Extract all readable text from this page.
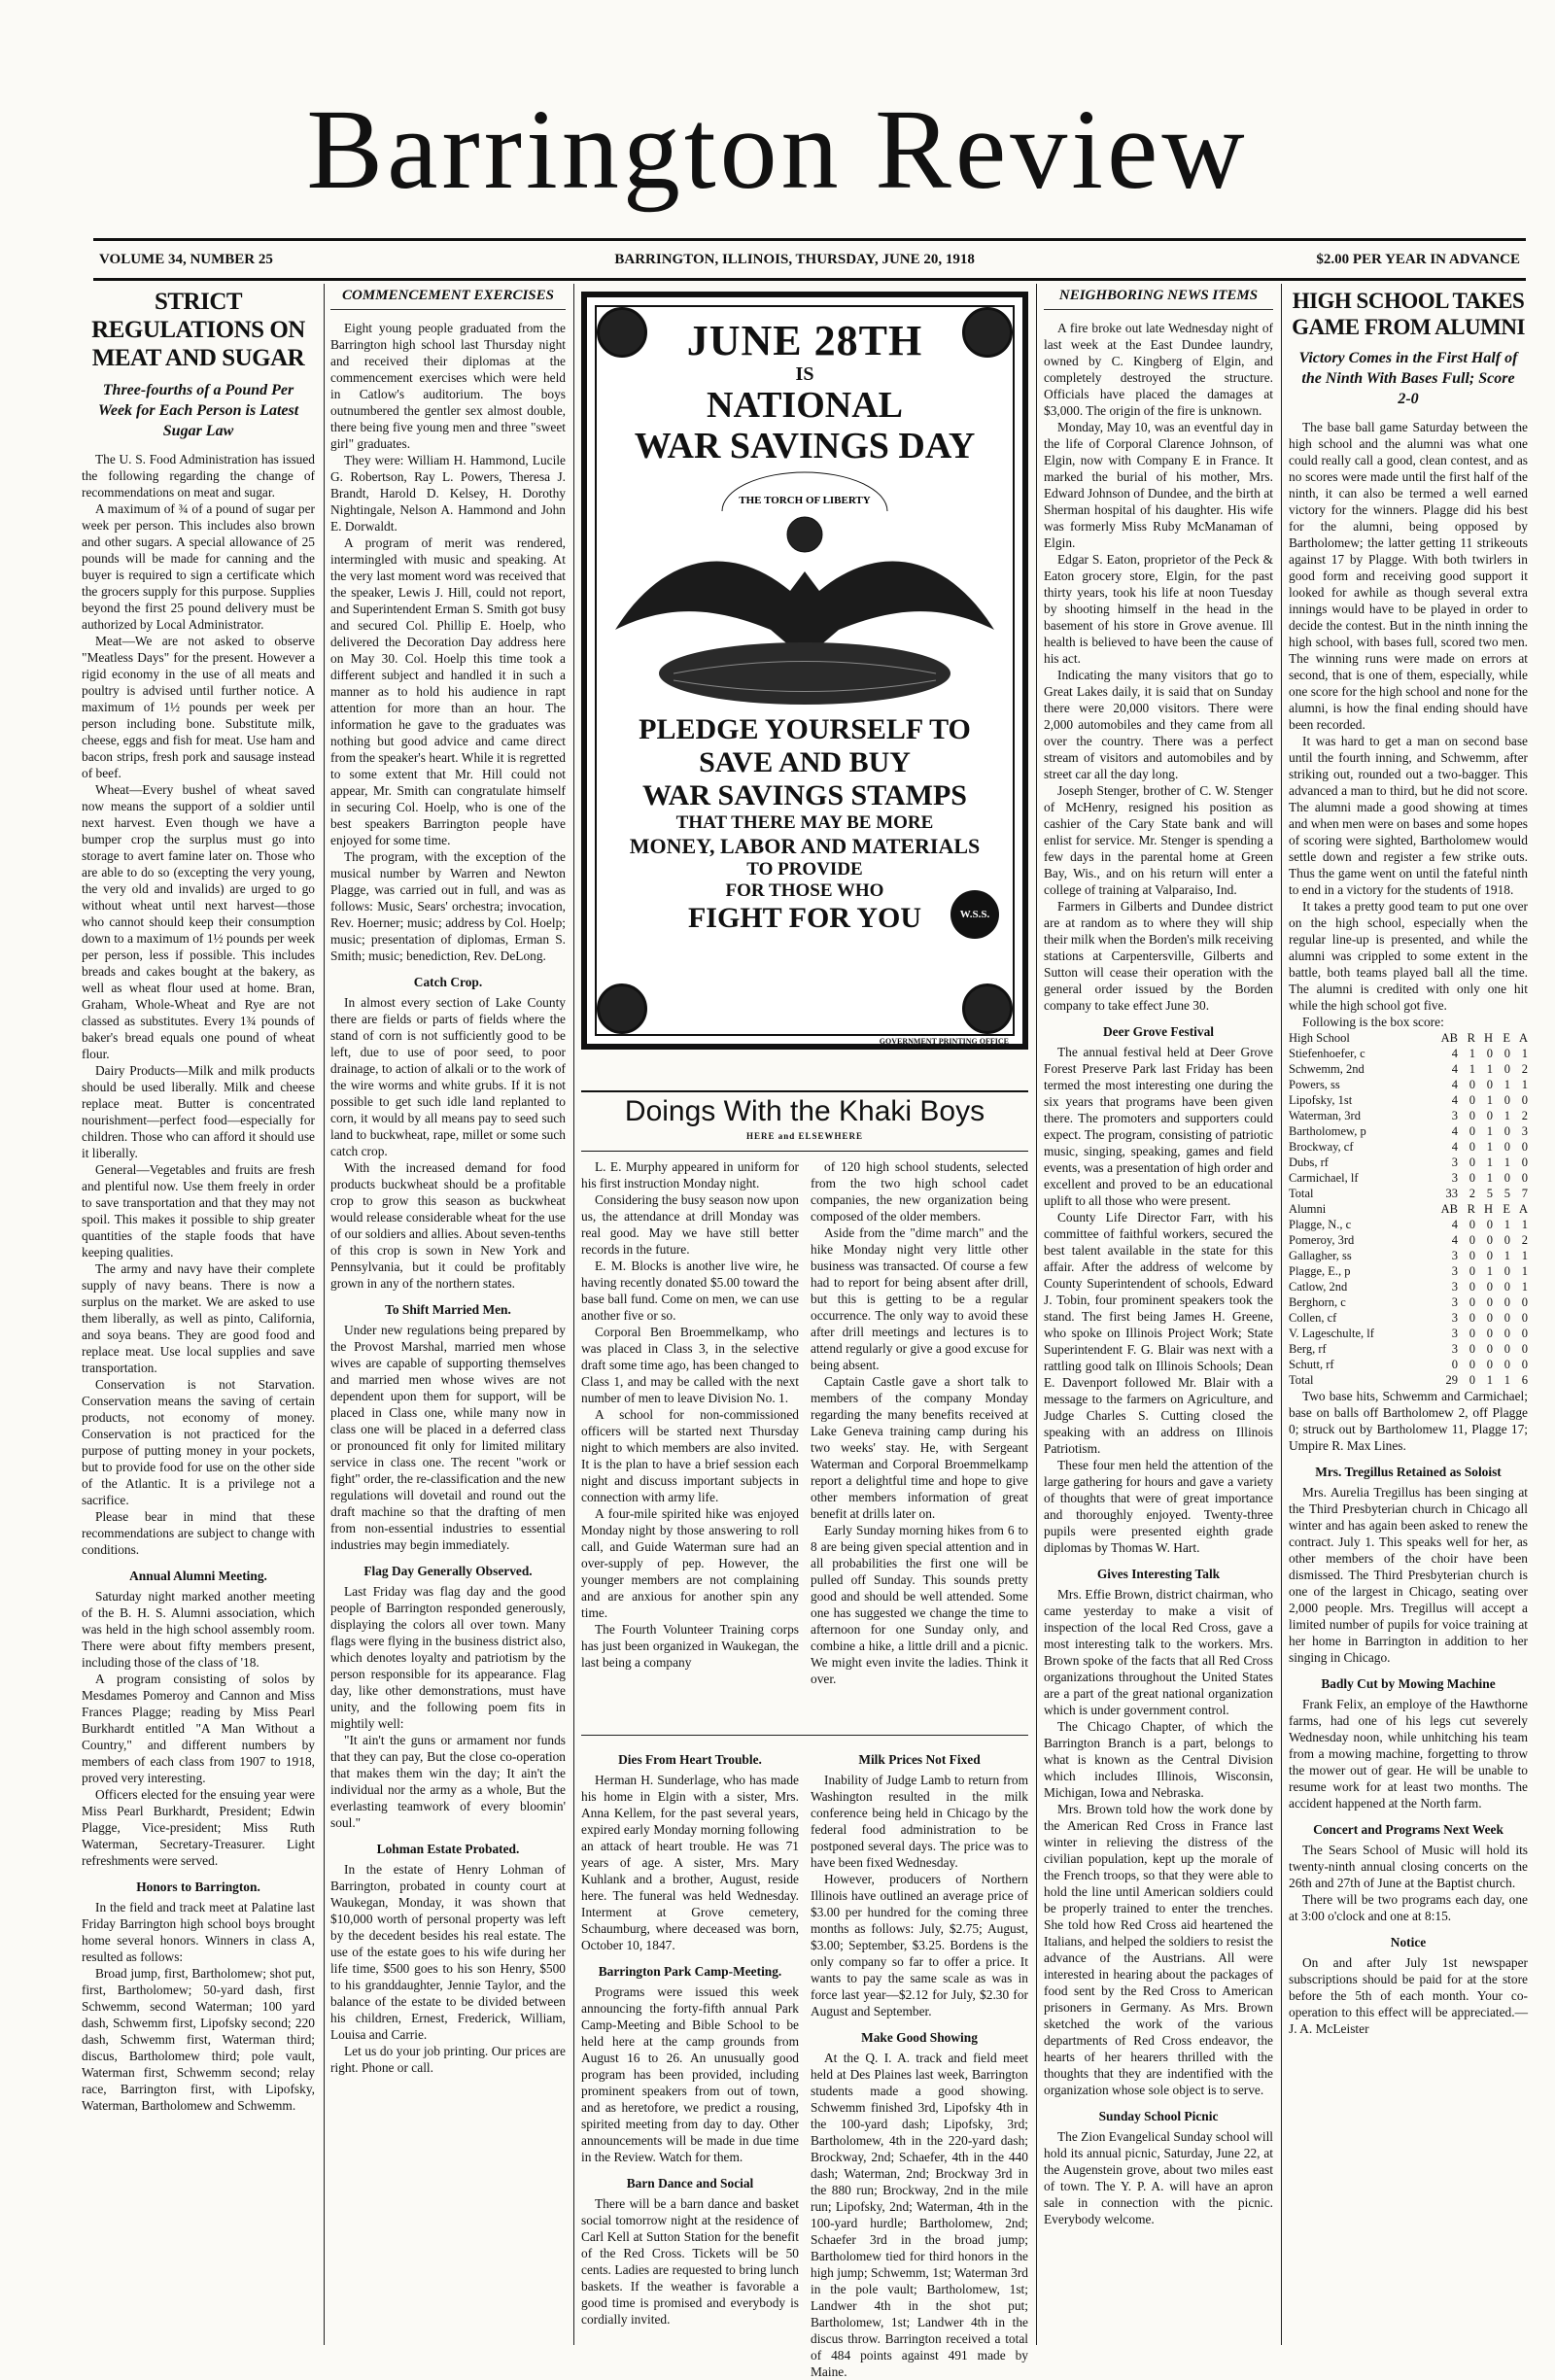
Barrington Review
VOLUME 34, NUMBER 25	BARRINGTON, ILLINOIS, THURSDAY, JUNE 20, 1918	$2.00 PER YEAR IN ADVANCE
STRICT REGULATIONS ON MEAT AND SUGAR
Three-fourths of a Pound Per Week for Each Person is Latest Sugar Law

The U. S. Food Administration has issued the following regarding the change of recommendations on meat and sugar.

A maximum of ¾ of a pound of sugar per week per person. This includes also brown and other sugars. A special allowance of 25 pounds will be made for canning and the buyer is required to sign a certificate which the grocers supply for this purpose. Supplies beyond the first 25 pound delivery must be authorized by Local Administrator.

Meat—We are not asked to observe "Meatless Days" for the present. However a rigid economy in the use of all meats and poultry is advised until further notice. A maximum of 1½ pounds per week per person including bone. Substitute milk, cheese, eggs and fish for meat. Use ham and bacon strips, fresh pork and sausage instead of beef.

Wheat—Every bushel of wheat saved now means the support of a soldier until next harvest. Even though we have a bumper crop the surplus must go into storage to avert famine later on. Those who are able to do so (excepting the very young, the very old and invalids) are urged to go without wheat until next harvest—those who cannot should keep their consumption down to a maximum of 1½ pounds per week per person, less if possible. This includes breads and cakes bought at the bakery, as well as wheat flour used at home. Bran, Graham, Whole-Wheat and Rye are not classed as substitutes. Every 1¾ pounds of baker's bread equals one pound of wheat flour.

Dairy Products—Milk and milk products should be used liberally. Milk and cheese replace meat. Butter is concentrated nourishment—perfect food—especially for children. Those who can afford it should use it liberally.

General—Vegetables and fruits are fresh and plentiful now. Use them freely in order to save transportation and that they may not spoil. This makes it possible to ship greater quantities of the staple foods that have keeping qualities.

The army and navy have their complete supply of navy beans. There is now a surplus on the market. We are asked to use them liberally, as well as pinto, California, and soya beans. They are good food and replace meat. Use local supplies and save transportation.

Conservation is not Starvation. Conservation means the saving of certain products, not economy of money. Conservation is not practiced for the purpose of putting money in your pockets, but to provide food for use on the other side of the Atlantic. It is a privilege not a sacrifice.

Please bear in mind that these recommendations are subject to change with conditions.

Annual Alumni Meeting.

Saturday night marked another meeting of the B. H. S. Alumni association, which was held in the high school assembly room. There were about fifty members present, including those of the class of '18.

A program consisting of solos by Mesdames Pomeroy and Cannon and Miss Frances Plagge; reading by Miss Pearl Burkhardt entitled "A Man Without a Country," and different numbers by members of each class from 1907 to 1918, proved very interesting.

Officers elected for the ensuing year were Miss Pearl Burkhardt, President; Edwin Plagge, Vice-president; Miss Ruth Waterman, Secretary-Treasurer. Light refreshments were served.

Honors to Barrington.

In the field and track meet at Palatine last Friday Barrington high school boys brought home several honors. Winners in class A, resulted as follows:

Broad jump, first, Bartholomew; shot put, first, Bartholomew; 50-yard dash, first Schwemm, second Waterman; 100 yard dash, Schwemm first, Lipofsky second; 220 dash, Schwemm first, Waterman third; discus, Bartholomew third; pole vault, Waterman first, Schwemm second; relay race, Barrington first, with Lipofsky, Waterman, Bartholomew and Schwemm.

COMMENCEMENT EXERCISES

Eight young people graduated from the Barrington high school last Thursday night and received their diplomas at the commencement exercises which were held in Catlow's auditorium. The boys outnumbered the gentler sex almost double, there being five young men and three "sweet girl" graduates.

They were: William H. Hammond, Lucile G. Robertson, Ray L. Powers, Theresa J. Brandt, Harold D. Kelsey, H. Dorothy Nightingale, Nelson A. Hammond and John E. Dorwaldt.

A program of merit was rendered, intermingled with music and speaking. At the very last moment word was received that the speaker, Lewis J. Hill, could not report, and Superintendent Erman S. Smith got busy and secured Col. Phillip E. Hoelp, who delivered the Decoration Day address here on May 30. Col. Hoelp this time took a different subject and handled it in such a manner as to hold his audience in rapt attention for more than an hour. The information he gave to the graduates was nothing but good advice and came direct from the speaker's heart. While it is regretted to some extent that Mr. Hill could not appear, Mr. Smith can congratulate himself in securing Col. Hoelp, who is one of the best speakers Barrington people have enjoyed for some time.

The program, with the exception of the musical number by Warren and Newton Plagge, was carried out in full, and was as follows: Music, Sears' orchestra; invocation, Rev. Hoerner; music; address by Col. Hoelp; music; presentation of diplomas, Erman S. Smith; music; benediction, Rev. DeLong.

Catch Crop.

In almost every section of Lake County there are fields or parts of fields where the stand of corn is not sufficiently good to be left, due to use of poor seed, to poor drainage, to action of alkali or to the work of the wire worms and white grubs. If it is not possible to get such idle land replanted to corn, it would by all means pay to seed such land to buckwheat, rape, millet or some such catch crop.

With the increased demand for food products buckwheat should be a profitable crop to grow this season as buckwheat would release considerable wheat for the use of our soldiers and allies. About seven-tenths of this crop is sown in New York and Pennsylvania, but it could be profitably grown in any of the northern states.

To Shift Married Men.

Under new regulations being prepared by the Provost Marshal, married men whose wives are capable of supporting themselves and married men whose wives are not dependent upon them for support, will be placed in Class one, while many now in class one will be placed in a deferred class or pronounced fit only for limited military service in class one. The recent "work or fight" order, the re-classification and the new regulations will dovetail and round out the draft machine so that the drafting of men from non-essential industries to essential industries may begin immediately.

Flag Day Generally Observed.

Last Friday was flag day and the good people of Barrington responded generously, displaying the colors all over town. Many flags were flying in the business district also, which denotes loyalty and patriotism by the person responsible for its appearance. Flag day, like other demonstrations, must have unity, and the following poem fits in mightily well:

"It ain't the guns or armament nor funds that they can pay, But the close co-operation that makes them win the day; It ain't the individual nor the army as a whole, But the everlasting teamwork of every bloomin' soul."

Lohman Estate Probated.

In the estate of Henry Lohman of Barrington, probated in county court at Waukegan, Monday, it was shown that $10,000 worth of personal property was left by the decedent besides his real estate. The use of the estate goes to his wife during her life time, $500 goes to his son Henry, $500 to his granddaughter, Jennie Taylor, and the balance of the estate to be divided between his children, Ernest, Frederick, William, Louisa and Carrie.

Let us do your job printing. Our prices are right. Phone or call.

JUNE 28TH
IS
NATIONAL
WAR SAVINGS DAY
THE TORCH OF LIBERTY
PLEDGE YOURSELF TO
SAVE AND BUY
WAR SAVINGS STAMPS
THAT THERE MAY BE MORE
MONEY, LABOR AND MATERIALS
TO PROVIDE
FOR THOSE WHO
FIGHT FOR YOU	W.S.S.
GOVERNMENT PRINTING OFFICE
Doings With the Khaki Boys
HERE and ELSEWHERE

L. E. Murphy appeared in uniform for his first instruction Monday night.

Considering the busy season now upon us, the attendance at drill Monday was real good. May we have still better records in the future.

E. M. Blocks is another live wire, he having recently donated $5.00 toward the base ball fund. Come on men, we can use another five or so.

Corporal Ben Broemmelkamp, who was placed in Class 3, in the selective draft some time ago, has been changed to Class 1, and may be called with the next number of men to leave Division No. 1.

A school for non-commissioned officers will be started next Thursday night to which members are also invited. It is the plan to have a brief session each night and discuss important subjects in connection with army life.

A four-mile spirited hike was enjoyed Monday night by those answering to roll call, and Guide Waterman sure had an over-supply of pep. However, the younger members are not complaining and are anxious for another spin any time.

The Fourth Volunteer Training corps has just been organized in Waukegan, the last being a company

of 120 high school students, selected from the two high school cadet companies, the new organization being composed of the older members.

Aside from the "dime march" and the hike Monday night very little other business was transacted. Of course a few had to report for being absent after drill, but this is getting to be a regular occurrence. The only way to avoid these after drill meetings and lectures is to attend regularly or give a good excuse for being absent.

Captain Castle gave a short talk to members of the company Monday regarding the many benefits received at Lake Geneva training camp during his two weeks' stay. He, with Sergeant Waterman and Corporal Broemmelkamp report a delightful time and hope to give other members information of great benefit at drills later on.

Early Sunday morning hikes from 6 to 8 are being given special attention and in all probabilities the first one will be pulled off Sunday. This sounds pretty good and should be well attended. Some one has suggested we change the time to afternoon for one Sunday only, and combine a hike, a little drill and a picnic. We might even invite the ladies. Think it over.

Dies From Heart Trouble.

Herman H. Sunderlage, who has made his home in Elgin with a sister, Mrs. Anna Kellem, for the past several years, expired early Monday morning following an attack of heart trouble. He was 71 years of age. A sister, Mrs. Mary Kuhlank and a brother, August, reside here. The funeral was held Wednesday. Interment at Grove cemetery, Schaumburg, where deceased was born, October 10, 1847.

Barrington Park Camp-Meeting.

Programs were issued this week announcing the forty-fifth annual Park Camp-Meeting and Bible School to be held here at the camp grounds from August 16 to 26. An unusually good program has been provided, including prominent speakers from out of town, and as heretofore, we predict a rousing, spirited meeting from day to day. Other announcements will be made in due time in the Review. Watch for them.

Barn Dance and Social

There will be a barn dance and basket social tomorrow night at the residence of Carl Kell at Sutton Station for the benefit of the Red Cross. Tickets will be 50 cents. Ladies are requested to bring lunch baskets. If the weather is favorable a good time is promised and everybody is cordially invited.

Milk Prices Not Fixed

Inability of Judge Lamb to return from Washington resulted in the milk conference being held in Chicago by the federal food administration to be postponed several days. The price was to have been fixed Wednesday.

However, producers of Northern Illinois have outlined an average price of $3.00 per hundred for the coming three months as follows: July, $2.75; August, $3.00; September, $3.25. Bordens is the only company so far to offer a price. It wants to pay the same scale as was in force last year—$2.12 for July, $2.30 for August and September.

Make Good Showing

At the Q. I. A. track and field meet held at Des Plaines last week, Barrington students made a good showing. Schwemm finished 3rd, Lipofsky 4th in the 100-yard dash; Lipofsky, 3rd; Bartholomew, 4th in the 220-yard dash; Brockway, 2nd; Schaefer, 4th in the 440 dash; Waterman, 2nd; Brockway 3rd in the 880 run; Brockway, 2nd in the mile run; Lipofsky, 2nd; Waterman, 4th in the 100-yard hurdle; Bartholomew, 2nd; Schaefer 3rd in the broad jump; Bartholomew tied for third honors in the high jump; Schwemm, 1st; Waterman 3rd in the pole vault; Bartholomew, 1st; Landwer 4th in the shot put; Bartholomew, 1st; Landwer 4th in the discus throw. Barrington received a total of 484 points against 491 made by Maine.

NEIGHBORING NEWS ITEMS

A fire broke out late Wednesday night of last week at the East Dundee laundry, owned by C. Kingberg of Elgin, and completely destroyed the structure. Officials have placed the damages at $3,000. The origin of the fire is unknown.

Monday, May 10, was an eventful day in the life of Corporal Clarence Johnson, of Elgin, now with Company E in France. It marked the burial of his mother, Mrs. Edward Johnson of Dundee, and the birth at Sherman hospital of his daughter. His wife was formerly Miss Ruby McManaman of Elgin.

Edgar S. Eaton, proprietor of the Peck & Eaton grocery store, Elgin, for the past thirty years, took his life at noon Tuesday by shooting himself in the head in the basement of his store in Grove avenue. Ill health is believed to have been the cause of his act.

Indicating the many visitors that go to Great Lakes daily, it is said that on Sunday there were 20,000 visitors. There were 2,000 automobiles and they came from all over the country. There was a perfect stream of visitors and automobiles and by street car all the day long.

Joseph Stenger, brother of C. W. Stenger of McHenry, resigned his position as cashier of the Cary State bank and will enlist for service. Mr. Stenger is spending a few days in the parental home at Green Bay, Wis., and on his return will enter a college of training at Valparaiso, Ind.

Farmers in Gilberts and Dundee district are at random as to where they will ship their milk when the Borden's milk receiving stations at Carpentersville, Gilberts and Sutton will cease their operation with the general order issued by the Borden company to take effect June 30.

Deer Grove Festival

The annual festival held at Deer Grove Forest Preserve Park last Friday has been termed the most interesting one during the six years that programs have been given there. The promoters and supporters could expect. The program, consisting of patriotic music, singing, speaking, games and field events, was a presentation of high order and excellent and proved to be an educational uplift to all those who were present.

County Life Director Farr, with his committee of faithful workers, secured the best talent available in the state for this affair. After the address of welcome by County Superintendent of schools, Edward J. Tobin, four prominent speakers took the stand. The first being James H. Greene, who spoke on Illinois Project Work; State Superintendent F. G. Blair was next with a rattling good talk on Illinois Schools; Dean E. Davenport followed Mr. Blair with a message to the farmers on Agriculture, and Judge Charles S. Cutting closed the speaking with an address on Illinois Patriotism.

These four men held the attention of the large gathering for hours and gave a variety of thoughts that were of great importance and thoroughly enjoyed. Twenty-three pupils were presented eighth grade diplomas by Thomas W. Hart.

Gives Interesting Talk

Mrs. Effie Brown, district chairman, who came yesterday to make a visit of inspection of the local Red Cross, gave a most interesting talk to the workers. Mrs. Brown spoke of the facts that all Red Cross organizations throughout the United States are a part of the great national organization which is under government control.

The Chicago Chapter, of which the Barrington Branch is a part, belongs to what is known as the Central Division which includes Illinois, Wisconsin, Michigan, Iowa and Nebraska.

Mrs. Brown told how the work done by the American Red Cross in France last winter in relieving the distress of the civilian population, kept up the morale of the French troops, so that they were able to hold the line until American soldiers could be properly trained to enter the trenches. She told how Red Cross aid heartened the Italians, and helped the soldiers to resist the advance of the Austrians. All were interested in hearing about the packages of food sent by the Red Cross to American prisoners in Germany. As Mrs. Brown sketched the work of the various departments of Red Cross endeavor, the hearts of her hearers thrilled with the thoughts that they are indentified with the organization whose sole object is to serve.

Sunday School Picnic

The Zion Evangelical Sunday school will hold its annual picnic, Saturday, June 22, at the Augenstein grove, about two miles east of town. The Y. P. A. will have an apron sale in connection with the picnic. Everybody welcome.

HIGH SCHOOL TAKES GAME FROM ALUMNI
Victory Comes in the First Half of the Ninth With Bases Full; Score 2-0

The base ball game Saturday between the high school and the alumni was what one could really call a good, clean contest, and as no scores were made until the first half of the ninth, it can also be termed a well earned victory for the winners. Plagge did his best for the alumni, being opposed by Bartholomew; the latter getting 11 strikeouts against 17 by Plagge. With both twirlers in good form and receiving good support it looked for awhile as though several extra innings would have to be played in order to decide the contest. But in the ninth inning the high school, with bases full, scored two men. The winning runs were made on errors at second, that is one of them, especially, while one score for the high school and none for the alumni, is how the final ending should have been recorded.

It was hard to get a man on second base until the fourth inning, and Schwemm, after striking out, rounded out a two-bagger. This advanced a man to third, but he did not score. The alumni made a good showing at times and when men were on bases and some hopes of scoring were sighted, Bartholomew would settle down and register a few strike outs. Thus the game went on until the fateful ninth to end in a victory for the students of 1918.

It takes a pretty good team to put one over on the high school, especially when the regular line-up is presented, and while the alumni was crippled to some extent in the battle, both teams played ball all the time. The alumni is credited with only one hit while the high school got five.

Following is the box score:

High School	AB	R	H	E	A
Stiefenhoefer, c	4	1	0	0	1
Schwemm, 2nd	4	1	1	0	2
Powers, ss	4	0	0	1	1
Lipofsky, 1st	4	0	1	0	0
Waterman, 3rd	3	0	0	1	2
Bartholomew, p	4	0	1	0	3
Brockway, cf	4	0	1	0	0
Dubs, rf	3	0	1	1	0
Carmichael, lf	3	0	1	0	0
Total	33	2	5	5	7
Alumni	AB	R	H	E	A
Plagge, N., c	4	0	0	1	1
Pomeroy, 3rd	4	0	0	0	2
Gallagher, ss	3	0	0	1	1
Plagge, E., p	3	0	1	0	1
Catlow, 2nd	3	0	0	0	1
Berghorn, c	3	0	0	0	0
Collen, cf	3	0	0	0	0
V. Lageschulte, lf	3	0	0	0	0
Berg, rf	3	0	0	0	0
Schutt, rf	0	0	0	0	0
Total	29	0	1	1	6

Two base hits, Schwemm and Carmichael; base on balls off Bartholomew 2, off Plagge 0; struck out by Bartholomew 11, Plagge 17; Umpire R. Max Lines.

Mrs. Tregillus Retained as Soloist

Mrs. Aurelia Tregillus has been singing at the Third Presbyterian church in Chicago all winter and has again been asked to renew the contract. July 1. This speaks well for her, as other members of the choir have been dismissed. The Third Presbyterian church is one of the largest in Chicago, seating over 2,000 people. Mrs. Tregillus will accept a limited number of pupils for voice training at her home in Barrington in addition to her singing in Chicago.

Badly Cut by Mowing Machine

Frank Felix, an employe of the Hawthorne farms, had one of his legs cut severely Wednesday noon, while unhitching his team from a mowing machine, forgetting to throw the mower out of gear. He will be unable to resume work for at least two months. The accident happened at the North farm.

Concert and Programs Next Week

The Sears School of Music will hold its twenty-ninth annual closing concerts on the 26th and 27th of June at the Baptist church.

There will be two programs each day, one at 3:00 o'clock and one at 8:15.

Notice

On and after July 1st newspaper subscriptions should be paid for at the store before the 5th of each month. Your co-operation to this effect will be appreciated.—J. A. McLeister
